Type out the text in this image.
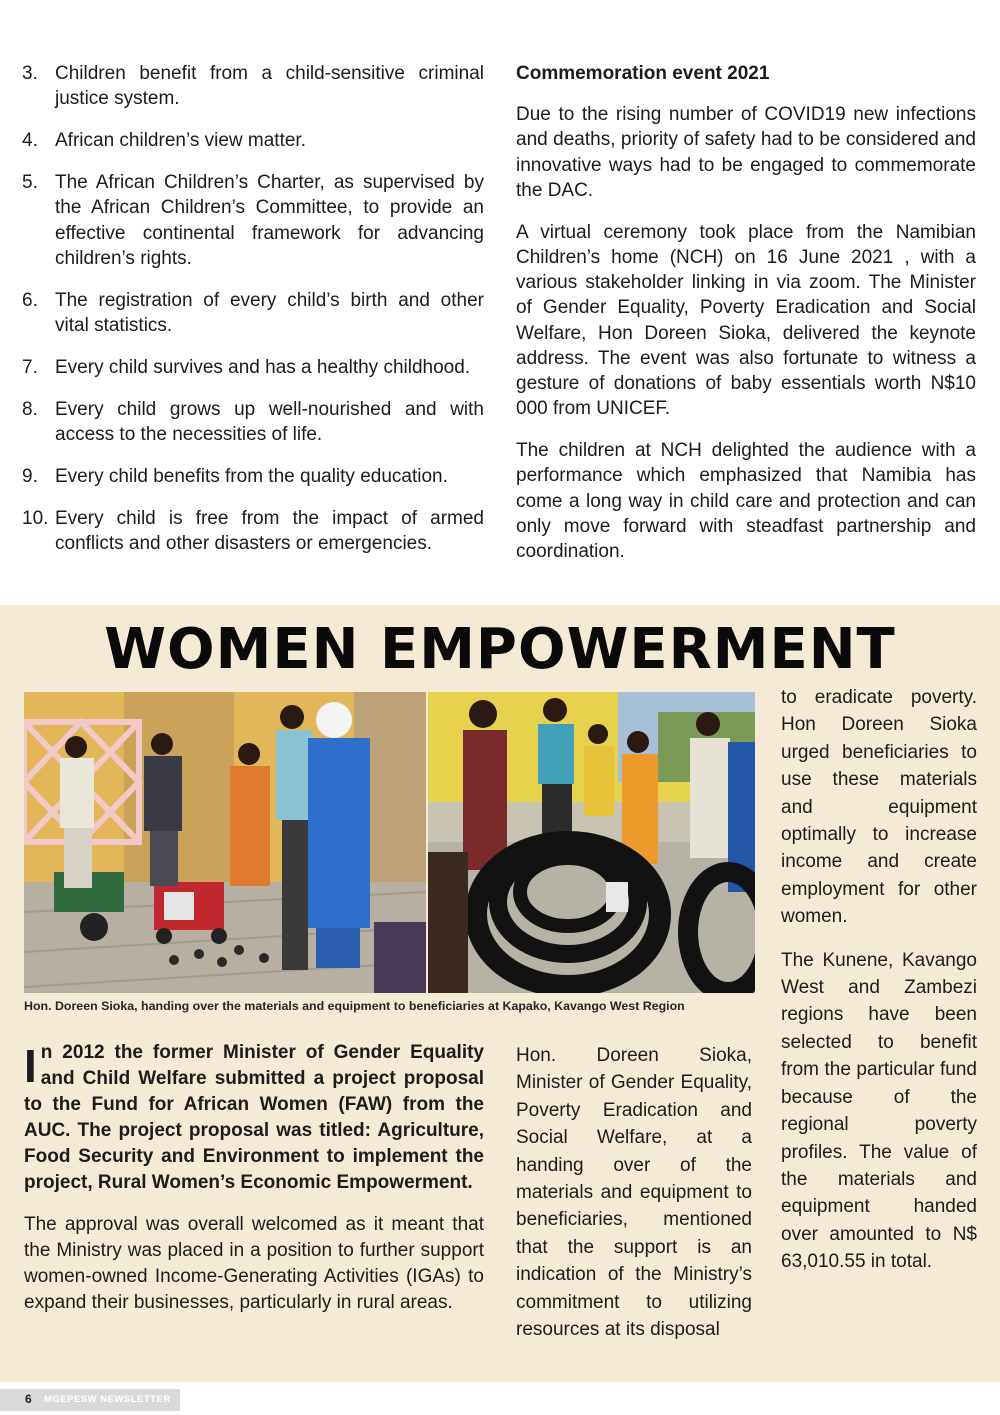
3. Children benefit from a child-sensitive criminal justice system.
4. African children’s view matter.
5. The African Children’s Charter, as supervised by the African Children’s Committee, to provide an effective continental framework for advancing children’s rights.
6. The registration of every child’s birth and other vital statistics.
7. Every child survives and has a healthy childhood.
8. Every child grows up well-nourished and with access to the necessities of life.
9. Every child benefits from the quality education.
10. Every child is free from the impact of armed conflicts and other disasters or emergencies.

Commemoration event 2021

Due to the rising number of COVID19 new infections and deaths, priority of safety had to be considered and innovative ways had to be engaged to commemorate the DAC.

A virtual ceremony took place from the Namibian Children’s home (NCH) on 16 June 2021 , with a various stakeholder linking in via zoom. The Minister of Gender Equality, Poverty Eradication and Social Welfare, Hon Doreen Sioka, delivered the keynote address. The event was also fortunate to witness a gesture of donations of baby essentials worth N$10 000 from UNICEF.

The children at NCH delighted the audience with a performance which emphasized that Namibia has come a long way in child care and protection and can only move forward with steadfast partnership and coordination.

WOMEN EMPOWERMENT
Hon. Doreen Sioka, handing over the materials and equipment to beneficiaries at Kapako, Kavango West Region

to eradicate poverty. Hon Doreen Sioka urged beneficiaries to use these materials and equipment optimally to increase income and create employment for other women.

The Kunene, Kavango West and Zambezi regions have been selected to benefit from the particular fund because of the regional poverty profiles. The value of the materials and equipment handed over amounted to N$ 63,010.55 in total.

In 2012 the former Minister of Gender Equality and Child Welfare submitted a project proposal to the Fund for African Women (FAW) from the AUC. The project proposal was titled: Agriculture, Food Security and Environment to implement the project, Rural Women’s Economic Empowerment.

The approval was overall welcomed as it meant that the Ministry was placed in a position to further support women-owned Income-Generating Activities (IGAs) to expand their businesses, particularly in rural areas.

Hon. Doreen Sioka, Minister of Gender Equality, Poverty Eradication and Social Welfare, at a handing over of the materials and equipment to beneficiaries, mentioned that the support is an indication of the Ministry’s commitment to utilizing resources at its disposal
6 MGEPESW NEWSLETTER
